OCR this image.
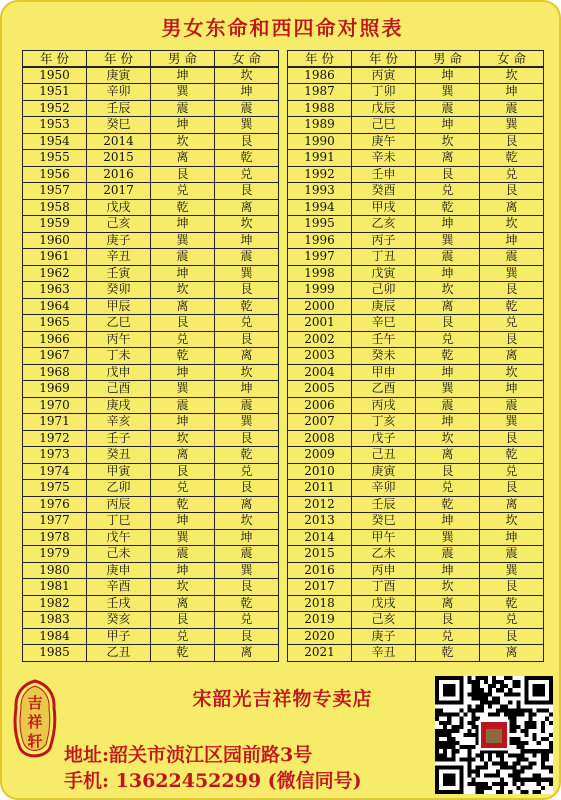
男女东命和西四命对照表
年 份	年 份	男 命	女 命
1950	庚寅	坤	坎
1951	辛卯	巽	坤
1952	壬辰	震	震
1953	癸巳	坤	巽
1954	2014	坎	艮
1955	2015	离	乾
1956	2016	艮	兑
1957	2017	兑	艮
1958	戊戌	乾	离
1959	己亥	坤	坎
1960	庚子	巽	坤
1961	辛丑	震	震
1962	壬寅	坤	巽
1963	癸卯	坎	艮
1964	甲辰	离	乾
1965	乙巳	艮	兑
1966	丙午	兑	艮
1967	丁未	乾	离
1968	戊申	坤	坎
1969	己酉	巽	坤
1970	庚戌	震	震
1971	辛亥	坤	巽
1972	壬子	坎	艮
1973	癸丑	离	乾
1974	甲寅	艮	兑
1975	乙卯	兑	艮
1976	丙辰	乾	离
1977	丁巳	坤	坎
1978	戊午	巽	坤
1979	己未	震	震
1980	庚申	坤	巽
1981	辛酉	坎	艮
1982	壬戌	离	乾
1983	癸亥	艮	兑
1984	甲子	兑	艮
1985	乙丑	乾	离
年 份	年 份	男 命	女 命
1986	丙寅	坤	坎
1987	丁卯	巽	坤
1988	戊辰	震	震
1989	己巳	坤	巽
1990	庚午	坎	艮
1991	辛未	离	乾
1992	壬申	艮	兑
1993	癸酉	兑	艮
1994	甲戌	乾	离
1995	乙亥	坤	坎
1996	丙子	巽	坤
1997	丁丑	震	震
1998	戊寅	坤	巽
1999	己卯	坎	艮
2000	庚辰	离	乾
2001	辛巳	艮	兑
2002	壬午	兑	艮
2003	癸未	乾	离
2004	甲申	坤	坎
2005	乙酉	巽	坤
2006	丙戌	震	震
2007	丁亥	坤	巽
2008	戊子	坎	艮
2009	己丑	离	乾
2010	庚寅	艮	兑
2011	辛卯	兑	艮
2012	壬辰	乾	离
2013	癸巳	坤	坎
2014	甲午	巽	坤
2015	乙未	震	震
2016	丙申	坤	巽
2017	丁酉	坎	艮
2018	戊戌	离	乾
2019	己亥	艮	兑
2020	庚子	兑	艮
2021	辛丑	乾	离
吉
祥
轩
宋韶光吉祥物专卖店
地址:韶关市浈江区园前路3号
手机: 13622452299 (微信同号)
